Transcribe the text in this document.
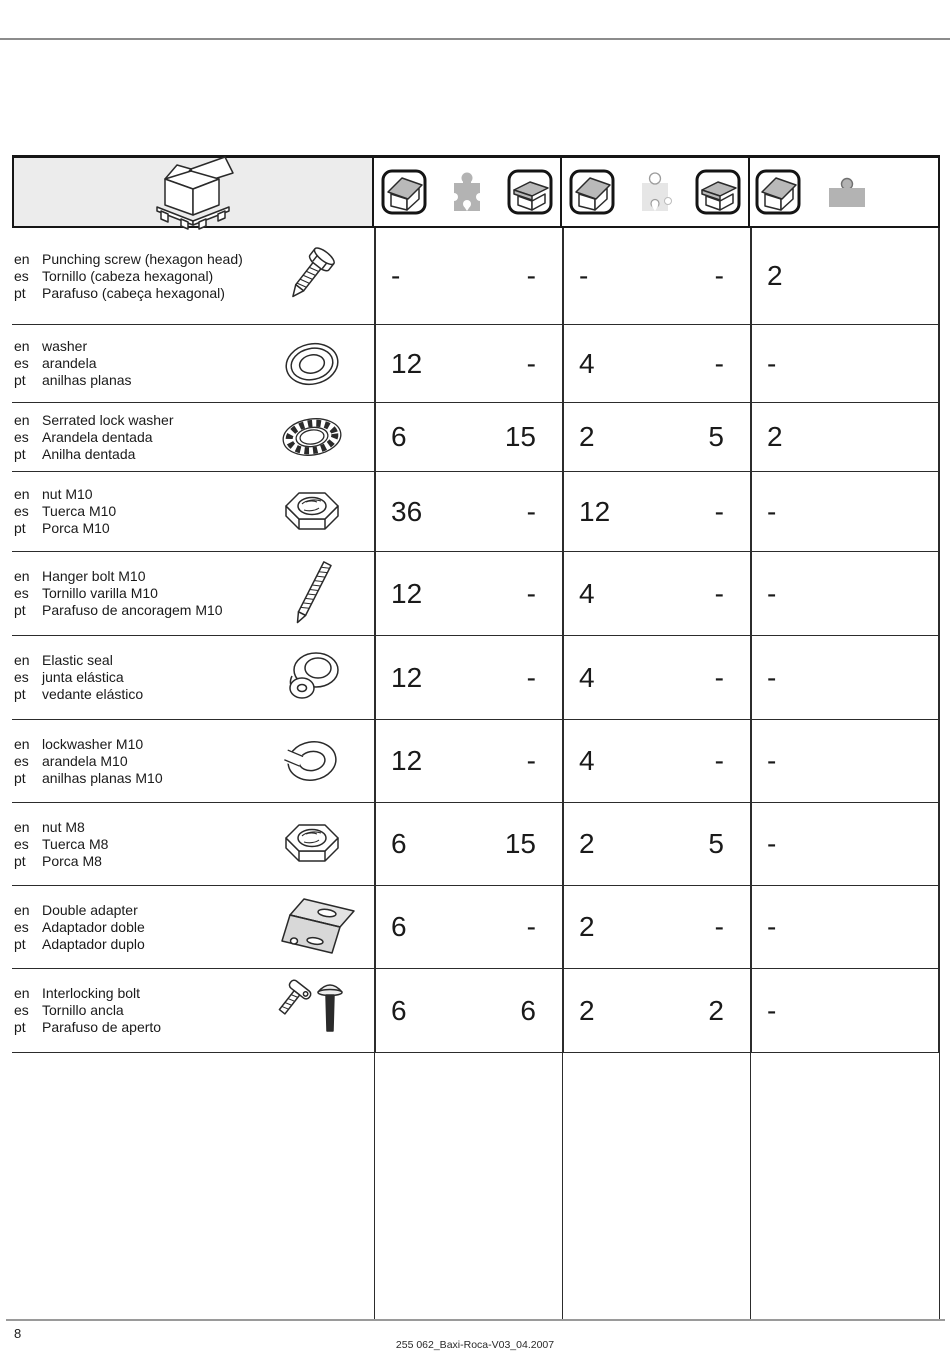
en Punching screw (hexagon head)
es Tornillo (cabeza hexagonal)
pt	Parafuso (cabeça hexagonal)
-	- -	- 2
en washer
es arandela
pt	anilhas planas
12	- 4	- -
en Serrated lock washer
es Arandela dentada
pt	Anilha dentada
6	15 2	5 2
en nut M10
es Tuerca M10
pt	Porca M10
36	- 12	- -
en Hanger bolt M10
es Tornillo varilla M10
pt	Parafuso de ancoragem M10
12	- 4	- -
en Elastic seal
es junta elástica
pt	vedante elástico
12	- 4	- -
en lockwasher M10
es arandela M10
pt	anilhas planas M10
12	- 4	- -
en nut M8
es Tuerca M8
pt	Porca M8
6	15 2	5 -
en Double adapter
es Adaptador doble
pt	Adaptador duplo
6	- 2	- -
en Interlocking bolt
es Tornillo ancla
pt	Parafuso de aperto
6	6 2	2 -
8
255 062_Baxi-Roca-V03_04.2007
